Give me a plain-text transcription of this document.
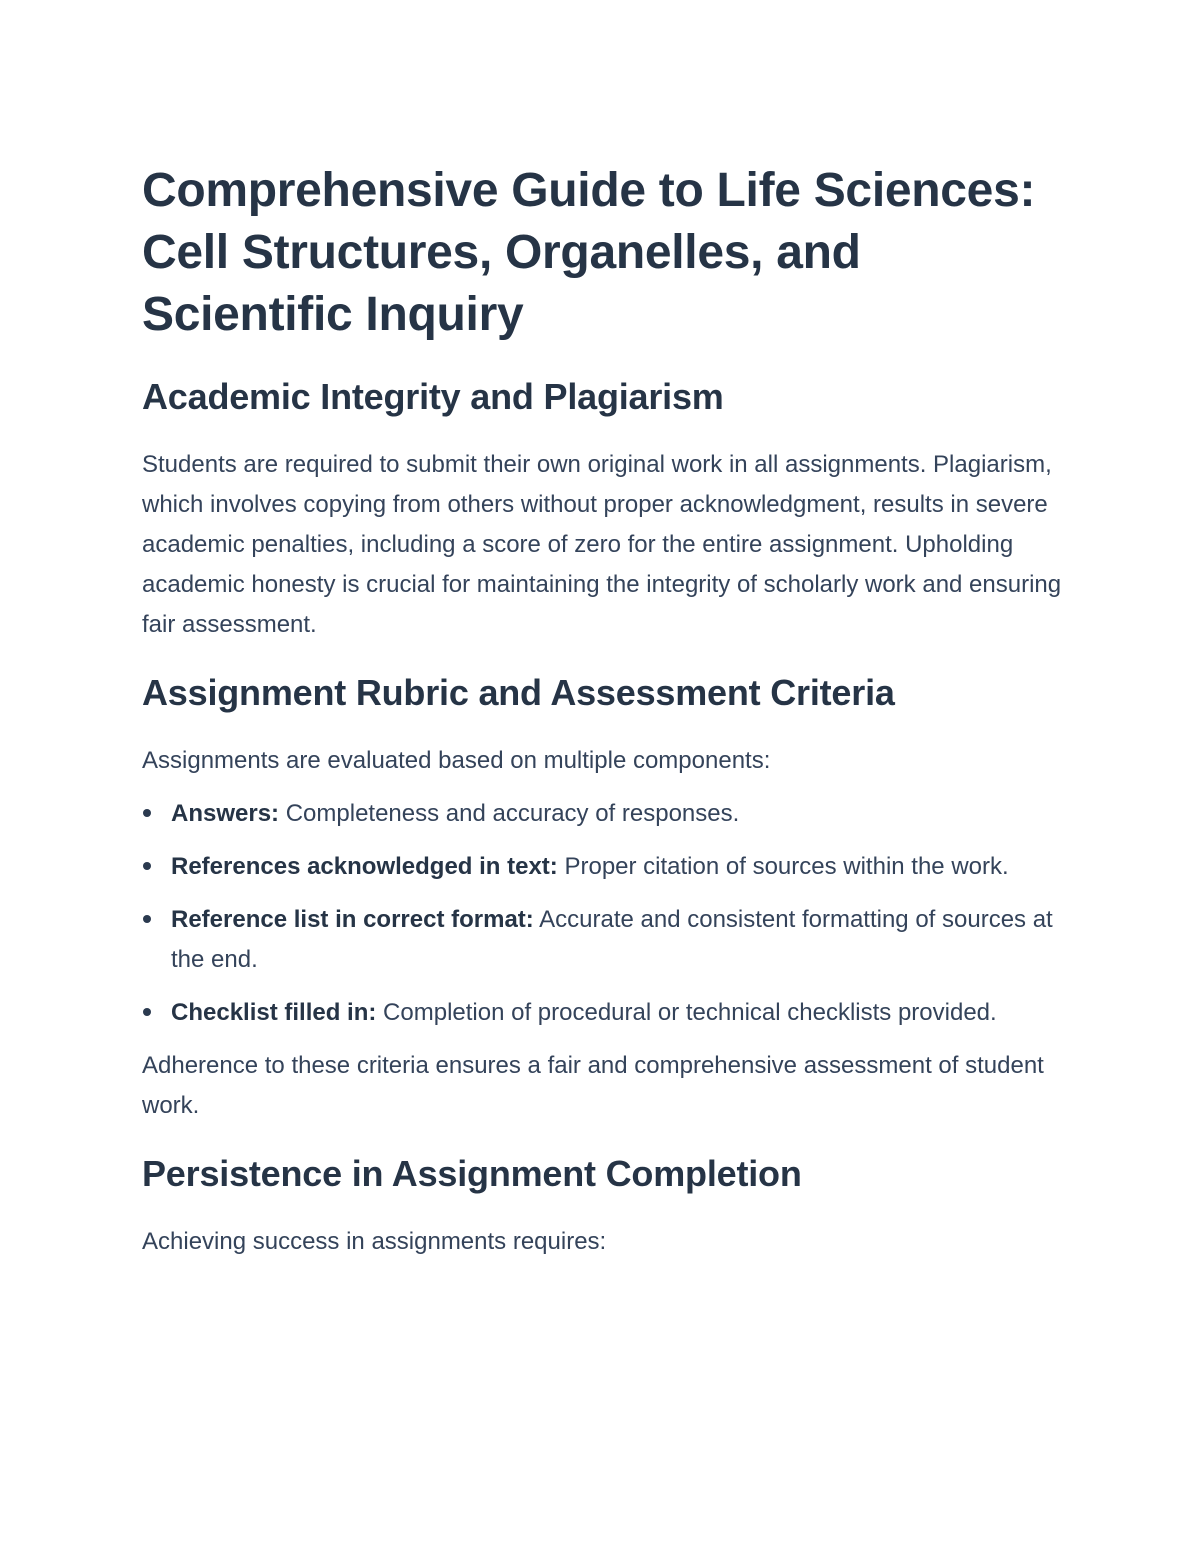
Comprehensive Guide to Life Sciences:
Cell Structures, Organelles, and
Scientific Inquiry
Academic Integrity and Plagiarism

Students are required to submit their own original work in all assignments. Plagiarism, which involves copying from others without proper acknowledgment, results in severe academic penalties, including a score of zero for the entire assignment. Upholding academic honesty is crucial for maintaining the integrity of scholarly work and ensuring fair assessment.

Assignment Rubric and Assessment Criteria

Assignments are evaluated based on multiple components:

Answers: Completeness and accuracy of responses.
References acknowledged in text: Proper citation of sources within the work.
Reference list in correct format: Accurate and consistent formatting of sources at the end.
Checklist filled in: Completion of procedural or technical checklists provided.

Adherence to these criteria ensures a fair and comprehensive assessment of student work.

Persistence in Assignment Completion

Achieving success in assignments requires:
